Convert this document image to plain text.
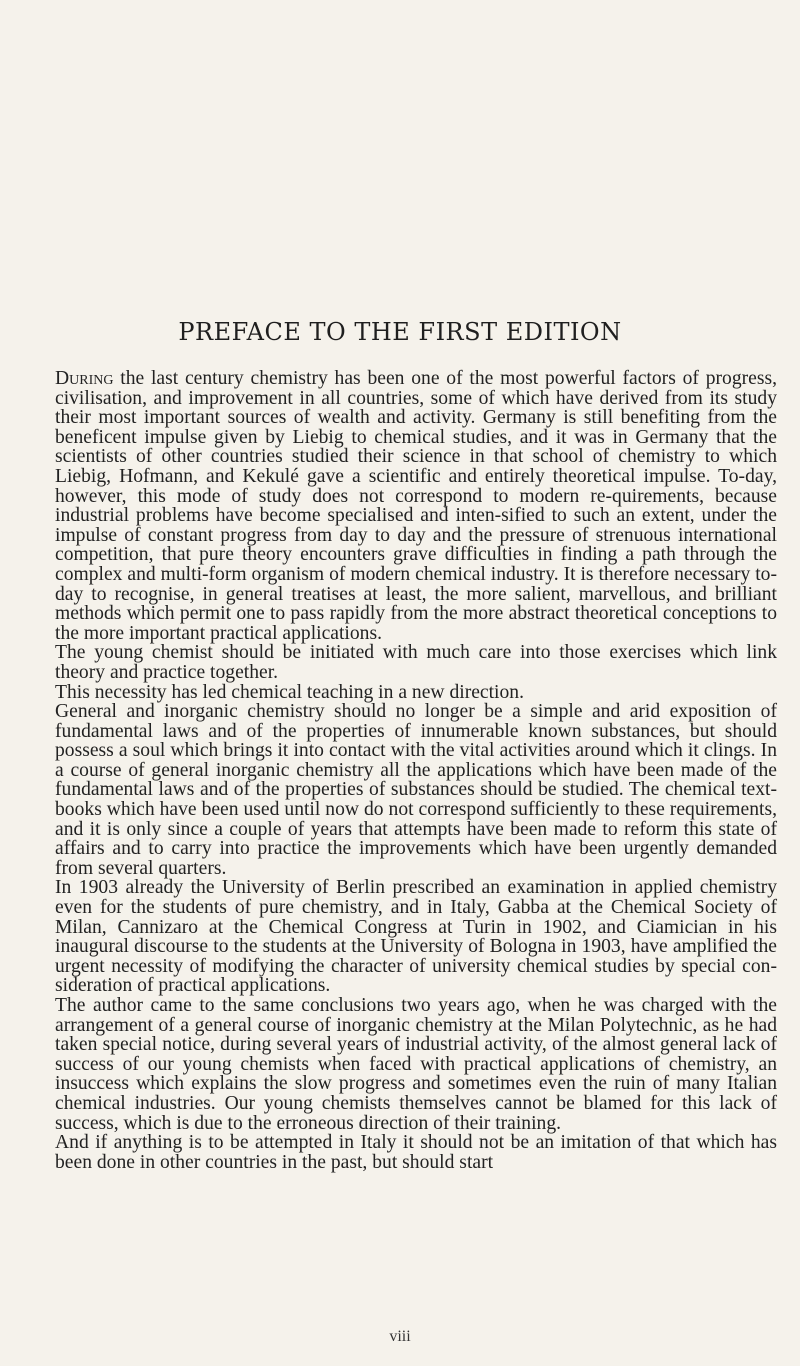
PREFACE TO THE FIRST EDITION

During the last century chemistry has been one of the most powerful factors of progress, civilisation, and improvement in all countries, some of which have derived from its study their most important sources of wealth and activity. Germany is still benefiting from the beneficent impulse given by Liebig to chemical studies, and it was in Germany that the scientists of other countries studied their science in that school of chemistry to which Liebig, Hofmann, and Kekulé gave a scientific and entirely theoretical impulse. To-day, however, this mode of study does not correspond to modern re-quirements, because industrial problems have become specialised and inten-sified to such an extent, under the impulse of constant progress from day to day and the pressure of strenuous international competition, that pure theory encounters grave difficulties in finding a path through the complex and multi-form organism of modern chemical industry. It is therefore necessary to-day to recognise, in general treatises at least, the more salient, marvellous, and brilliant methods which permit one to pass rapidly from the more abstract theoretical conceptions to the more important practical applications.

The young chemist should be initiated with much care into those exercises which link theory and practice together.

This necessity has led chemical teaching in a new direction.

General and inorganic chemistry should no longer be a simple and arid exposition of fundamental laws and of the properties of innumerable known substances, but should possess a soul which brings it into contact with the vital activities around which it clings. In a course of general inorganic chemistry all the applications which have been made of the fundamental laws and of the properties of substances should be studied. The chemical text-books which have been used until now do not correspond sufficiently to these requirements, and it is only since a couple of years that attempts have been made to reform this state of affairs and to carry into practice the improvements which have been urgently demanded from several quarters.

In 1903 already the University of Berlin prescribed an examination in applied chemistry even for the students of pure chemistry, and in Italy, Gabba at the Chemical Society of Milan, Cannizaro at the Chemical Congress at Turin in 1902, and Ciamician in his inaugural discourse to the students at the University of Bologna in 1903, have amplified the urgent necessity of modifying the character of university chemical studies by special con-sideration of practical applications.

The author came to the same conclusions two years ago, when he was charged with the arrangement of a general course of inorganic chemistry at the Milan Polytechnic, as he had taken special notice, during several years of industrial activity, of the almost general lack of success of our young chemists when faced with practical applications of chemistry, an insuccess which explains the slow progress and sometimes even the ruin of many Italian chemical industries. Our young chemists themselves cannot be blamed for this lack of success, which is due to the erroneous direction of their training.

And if anything is to be attempted in Italy it should not be an imitation of that which has been done in other countries in the past, but should start

viii
